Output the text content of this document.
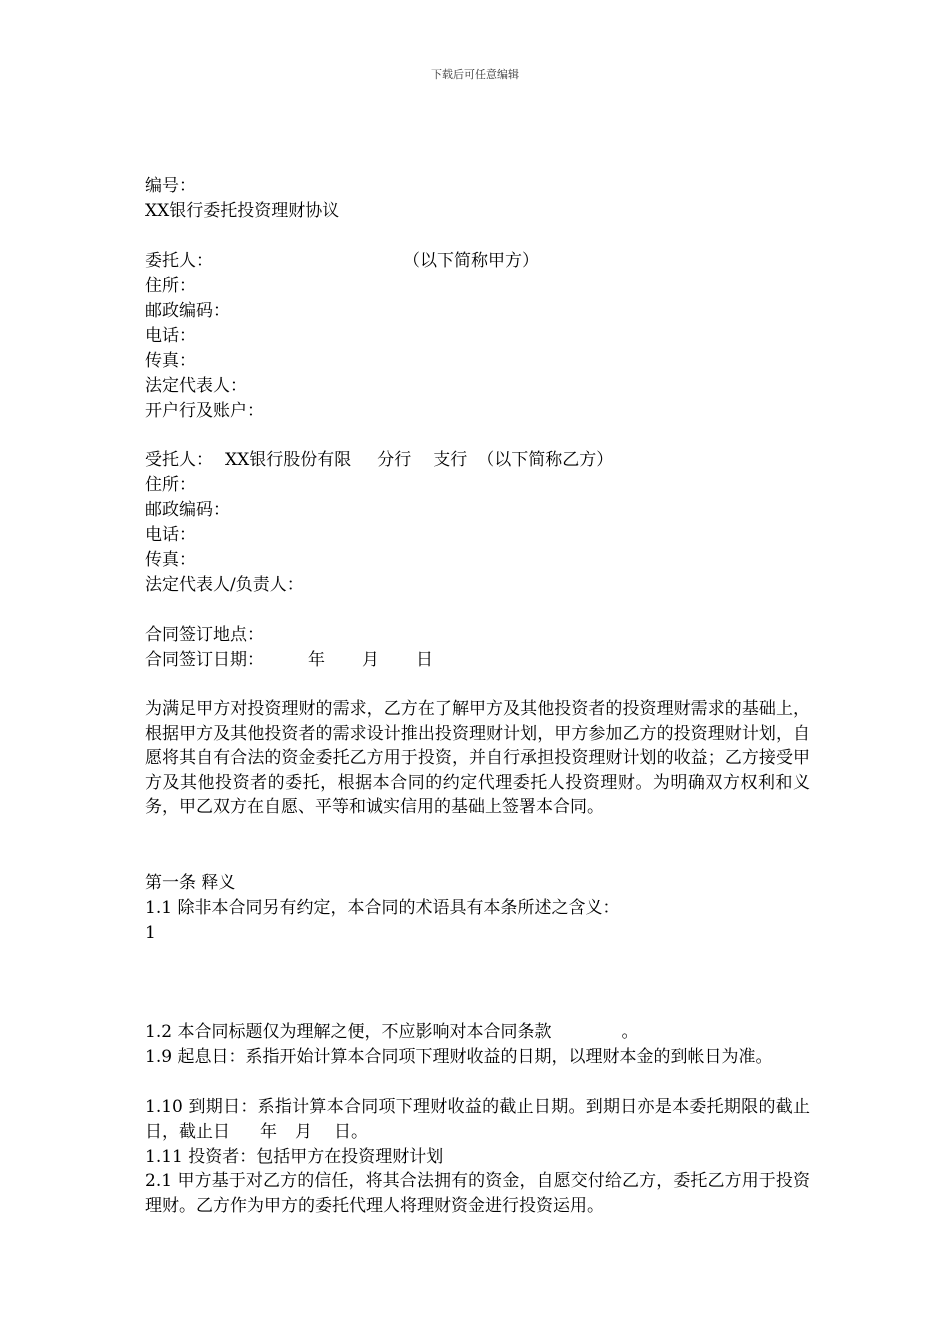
下载后可任意编辑
编号：
XX银行委托投资理财协议
委托人：	（以下简称甲方）
住所：
邮政编码：
电话：
传真：
法定代表人：
开户行及账户：
受托人： XX银行股份有限 分行 支行 （以下简称乙方）
住所：
邮政编码：
电话：
传真：
法定代表人/负责人：
合同签订地点：
合同签订日期：	年 月 日
为满足甲方对投资理财的需求，乙方在了解甲方及其他投资者的投资理财需求的基础上，根据甲方及其他投资者的需求设计推出投资理财计划，甲方参加乙方的投资理财计划，自愿将其自有合法的资金委托乙方用于投资，并自行承担投资理财计划的收益；乙方接受甲方及其他投资者的委托，根据本合同的约定代理委托人投资理财。为明确双方权利和义务，甲乙双方在自愿、平等和诚实信用的基础上签署本合同。
第一条 释义
1.1 除非本合同另有约定，本合同的术语具有本条所述之含义：
1
1.2 本合同标题仅为理解之便，不应影响对本合同条款	。
1.9 起息日：系指开始计算本合同项下理财收益的日期，以理财本金的到帐日为准。
1.10 到期日：系指计算本合同项下理财收益的截止日期。到期日亦是本委托期限的截止日，截止日 年 月 日。
1.11 投资者：包括甲方在投资理财计划
2.1 甲方基于对乙方的信任，将其合法拥有的资金，自愿交付给乙方，委托乙方用于投资理财。乙方作为甲方的委托代理人将理财资金进行投资运用。
